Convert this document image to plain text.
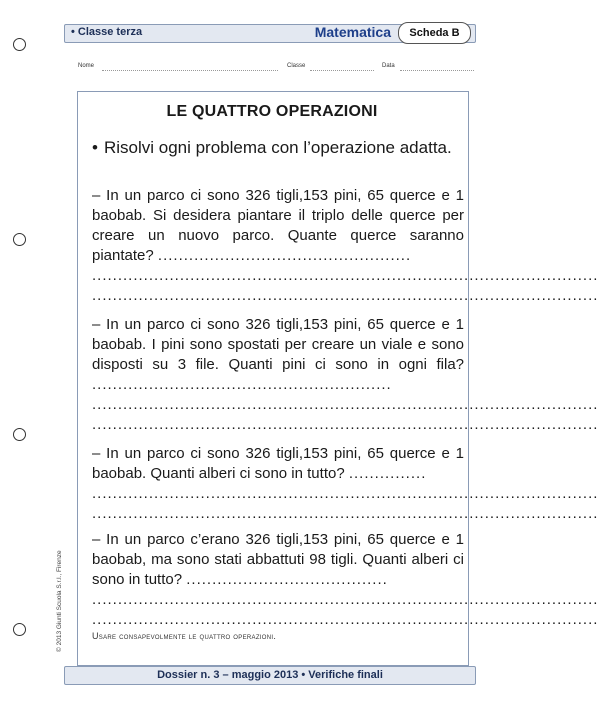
• Classe terza	Matematica	Scheda B
Nome	Classe	Data
LE QUATTRO OPERAZIONI
• Risolvi ogni problema con l’operazione adatta.
– In un parco ci sono 326 tigli,153 pini, 65 querce e 1 baobab. Si desidera piantare il triplo delle querce per creare un nuovo parco. Quante querce saranno piantate? .................................................
..................................................................................................
..................................................................................................
– In un parco ci sono 326 tigli,153 pini, 65 querce e 1 baobab. I pini sono spostati per creare un viale e sono disposti su 3 file. Quanti pini ci sono in ogni fila? ..........................................................
..................................................................................................
..................................................................................................
– In un parco ci sono 326 tigli,153 pini, 65 querce e 1 baobab. Quanti alberi ci sono in tutto? ...............
..................................................................................................
..................................................................................................
– In un parco c’erano 326 tigli,153 pini, 65 querce e 1 baobab, ma sono stati abbattuti 98 tigli. Quanti alberi ci sono in tutto? .......................................
..................................................................................................
..................................................................................................
Usare consapevolmente le quattro operazioni.
© 2013 Giunti Scuola S.r.l., Firenze
Dossier n. 3 – maggio 2013 • Verifiche finali
